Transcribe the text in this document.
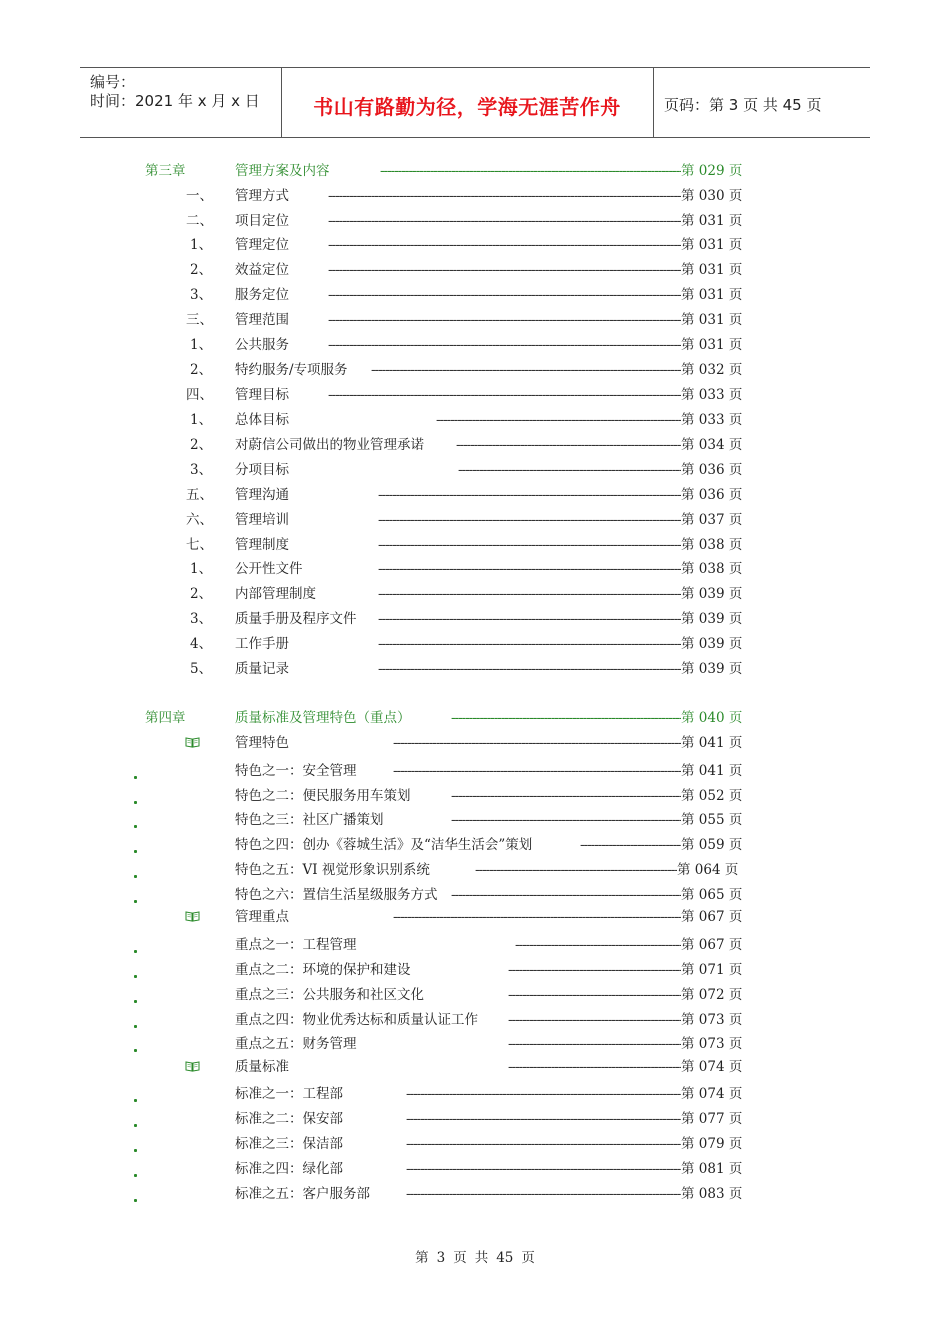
编号：
时间：2021 年 x 月 x 日	书山有路勤为径，学海无涯苦作舟	页码：第 3 页 共 45 页
第三章	管理方案及内容 -----	第 029 页
一、 管理方式 -----	第 030 页
二、 项目定位 -----	第 031 页
1、 管理定位 -----	第 031 页
2、 效益定位 -----	第 031 页
3、 服务定位 -----	第 031 页
三、 管理范围 -----	第 031 页
1、 公共服务 -----	第 031 页
2、 特约服务/专项服务 -----	第 032 页
四、 管理目标 -----	第 033 页
1、 总体目标 -----	第 033 页
2、 对蔚信公司做出的物业管理承诺 -----	第 034 页
3、 分项目标 -----	第 036 页
五、 管理沟通 -----	第 036 页
六、 管理培训 -----	第 037 页
七、 管理制度 -----	第 038 页
1、 公开性文件 -----	第 038 页
2、 内部管理制度 -----	第 039 页
3、 质量手册及程序文件 -----	第 039 页
4、 工作手册 -----	第 039 页
5、 质量记录 -----	第 039 页
第四章	质量标准及管理特色（重点） -----	第 040 页
管理特色 -----	第 041 页
特色之一：安全管理 -----	第 041 页
特色之二：便民服务用车策划 -----	第 052 页
特色之三：社区广播策划 -----	第 055 页
特色之四：创办《蓉城生活》及“洁华生活会”策划 -----	第 059 页
特色之五：VI 视觉形象识别系统 -----	第 064 页
特色之六：置信生活星级服务方式 -----	第 065 页
管理重点 -----	第 067 页
重点之一：工程管理 -----	第 067 页
重点之二：环境的保护和建设 -----	第 071 页
重点之三：公共服务和社区文化 -----	第 072 页
重点之四：物业优秀达标和质量认证工作 -----	第 073 页
重点之五：财务管理 -----	第 073 页
质量标准 -----	第 074 页
标准之一：工程部 -----	第 074 页
标准之二：保安部 -----	第 077 页
标准之三：保洁部 -----	第 079 页
标准之四：绿化部 -----	第 081 页
标准之五：客户服务部 -----	第 083 页
第 3 页 共 45 页
